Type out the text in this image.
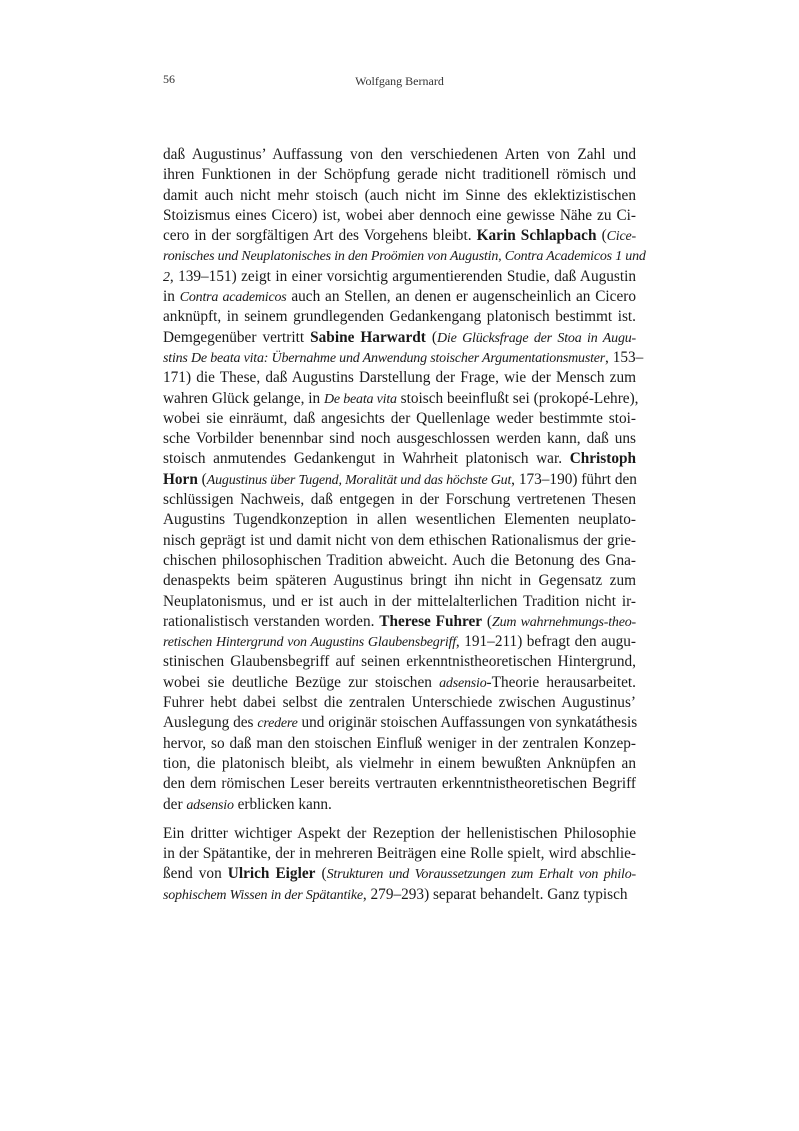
56	Wolfgang Bernard
daß Augustinus’ Auffassung von den verschiedenen Arten von Zahl und
ihren Funktionen in der Schöpfung gerade nicht traditionell römisch und
damit auch nicht mehr stoisch (auch nicht im Sinne des eklektizistischen
Stoizismus eines Cicero) ist, wobei aber dennoch eine gewisse Nähe zu Ci-
cero in der sorgfältigen Art des Vorgehens bleibt. Karin Schlapbach (Cice-
ronisches und Neuplatonisches in den Proömien von Augustin, Contra Academicos 1 und
2, 139–151) zeigt in einer vorsichtig argumentierenden Studie, daß Augustin
in Contra academicos auch an Stellen, an denen er augenscheinlich an Cicero
anknüpft, in seinem grundlegenden Gedankengang platonisch bestimmt ist.
Demgegenüber vertritt Sabine Harwardt (Die Glücksfrage der Stoa in Augu-
stins De beata vita: Übernahme und Anwendung stoischer Argumentationsmuster, 153–
171) die These, daß Augustins Darstellung der Frage, wie der Mensch zum
wahren Glück gelange, in De beata vita stoisch beeinflußt sei (prokopé-Lehre),
wobei sie einräumt, daß angesichts der Quellenlage weder bestimmte stoi-
sche Vorbilder benennbar sind noch ausgeschlossen werden kann, daß uns
stoisch anmutendes Gedankengut in Wahrheit platonisch war. Christoph
Horn (Augustinus über Tugend, Moralität und das höchste Gut, 173–190) führt den
schlüssigen Nachweis, daß entgegen in der Forschung vertretenen Thesen
Augustins Tugendkonzeption in allen wesentlichen Elementen neuplato-
nisch geprägt ist und damit nicht von dem ethischen Rationalismus der grie-
chischen philosophischen Tradition abweicht. Auch die Betonung des Gna-
denaspekts beim späteren Augustinus bringt ihn nicht in Gegensatz zum
Neuplatonismus, und er ist auch in der mittelalterlichen Tradition nicht ir-
rationalistisch verstanden worden. Therese Fuhrer (Zum wahrnehmungs-theo-
retischen Hintergrund von Augustins Glaubensbegriff, 191–211) befragt den augu-
stinischen Glaubensbegriff auf seinen erkenntnistheoretischen Hintergrund,
wobei sie deutliche Bezüge zur stoischen adsensio-Theorie herausarbeitet.
Fuhrer hebt dabei selbst die zentralen Unterschiede zwischen Augustinus’
Auslegung des credere und originär stoischen Auffassungen von synkatáthesis
hervor, so daß man den stoischen Einfluß weniger in der zentralen Konzep-
tion, die platonisch bleibt, als vielmehr in einem bewußten Anknüpfen an
den dem römischen Leser bereits vertrauten erkenntnistheoretischen Begriff
der adsensio erblicken kann.
Ein dritter wichtiger Aspekt der Rezeption der hellenistischen Philosophie
in der Spätantike, der in mehreren Beiträgen eine Rolle spielt, wird abschlie-
ßend von Ulrich Eigler (Strukturen und Voraussetzungen zum Erhalt von philo-
sophischem Wissen in der Spätantike, 279–293) separat behandelt. Ganz typisch
